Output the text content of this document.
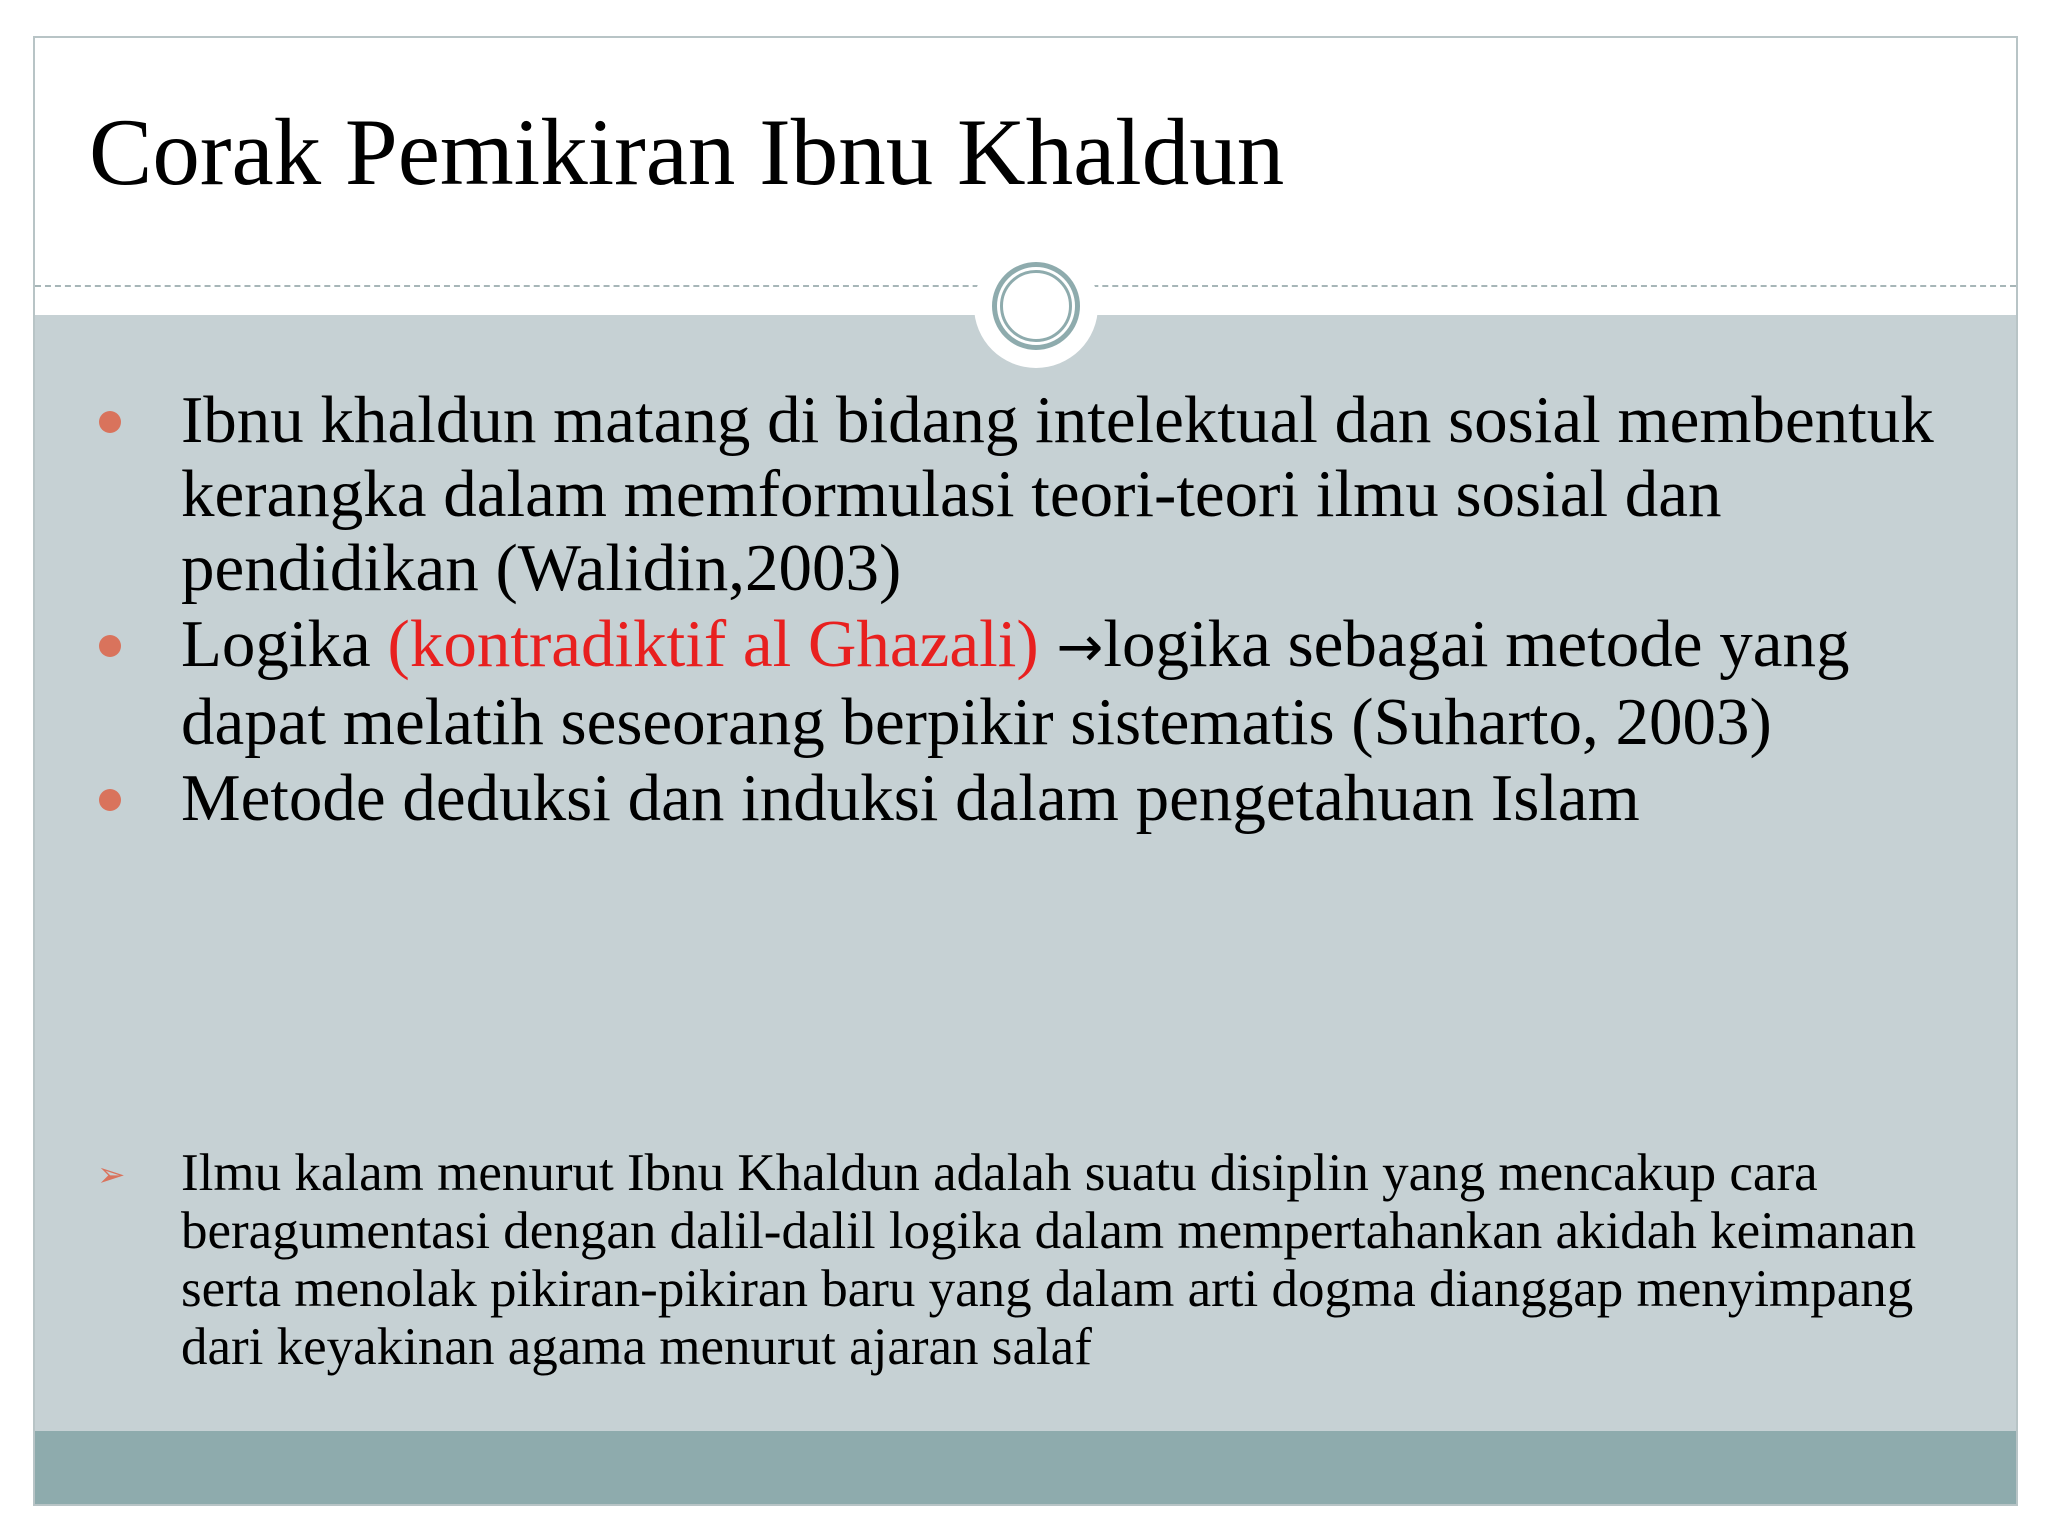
Corak Pemikiran Ibnu Khaldun
Ibnu khaldun matang di bidang intelektual dan sosial membentuk kerangka dalam memformulasi teori-teori ilmu sosial dan pendidikan (Walidin,2003)
Logika (kontradiktif al Ghazali) →logika sebagai metode yang dapat melatih seseorang berpikir sistematis (Suharto, 2003)
Metode deduksi dan induksi dalam pengetahuan Islam
➢ Ilmu kalam menurut Ibnu Khaldun adalah suatu disiplin yang mencakup cara beragumentasi dengan dalil-dalil logika dalam mempertahankan akidah keimanan serta menolak pikiran-pikiran baru yang dalam arti dogma dianggap menyimpang dari keyakinan agama menurut ajaran salaf
